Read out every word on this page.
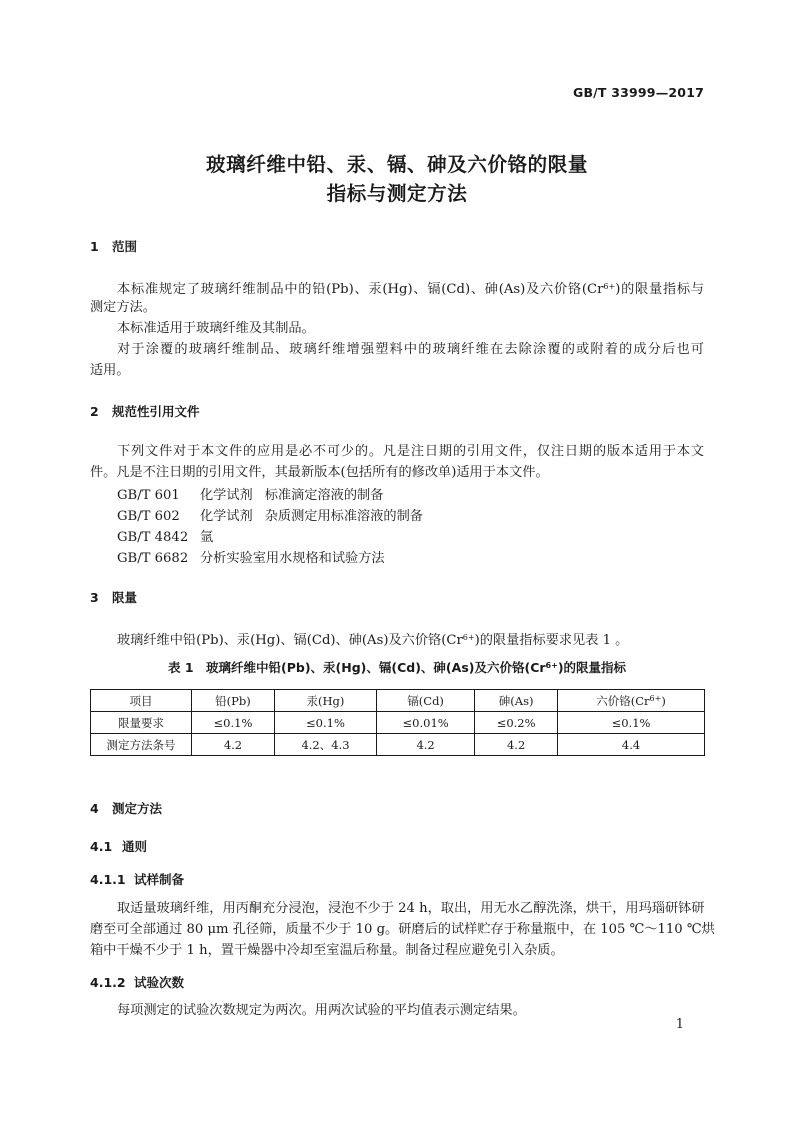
GB/T 33999—2017
玻璃纤维中铅、汞、镉、砷及六价铬的限量
指标与测定方法
1 范围
本标准规定了玻璃纤维制品中的铅(Pb)、汞(Hg)、镉(Cd)、砷(As)及六价铬$(Cr^{6+})$的限量指标与
测定方法。
本标准适用于玻璃纤维及其制品。
对于涂覆的玻璃纤维制品、玻璃纤维增强塑料中的玻璃纤维在去除涂覆的或附着的成分后也可
适用。
2 规范性引用文件
下列文件对于本文件的应用是必不可少的。凡是注日期的引用文件，仅注日期的版本适用于本文
件。凡是不注日期的引用文件，其最新版本(包括所有的修改单)适用于本文件。
GB/T 601 化学试剂 标准滴定溶液的制备
GB/T 602 化学试剂 杂质测定用标准溶液的制备
GB/T 4842 氩
GB/T 6682 分析实验室用水规格和试验方法
3 限量
玻璃纤维中铅(Pb)、汞(Hg)、镉(Cd)、砷(As)及六价铬$(Cr^{6+})$的限量指标要求见表 1 。
表 1　玻璃纤维中铅(Pb)、汞(Hg)、镉(Cd)、砷(As)及六价铬$(Cr^{6+})$的限量指标
项目	铅(Pb)	汞(Hg)	镉(Cd)	砷(As)	六价铬$(Cr^{6+})$
限量要求	≤0.1%	≤0.1%	≤0.01%	≤0.2%	≤0.1%
测定方法条号	4.2	4.2、4.3	4.2	4.2	4.4
4 测定方法
4.1 通则
4.1.1 试样制备
取适量玻璃纤维，用丙酮充分浸泡，浸泡不少于 24 h，取出，用无水乙醇洗涤，烘干，用玛瑙研钵研
磨至可全部通过 80 μm 孔径筛，质量不少于 10 g。研磨后的试样贮存于称量瓶中，在 105 ℃～110 ℃烘
箱中干燥不少于 1 h，置干燥器中冷却至室温后称量。制备过程应避免引入杂质。
4.1.2 试验次数
每项测定的试验次数规定为两次。用两次试验的平均值表示测定结果。
1
